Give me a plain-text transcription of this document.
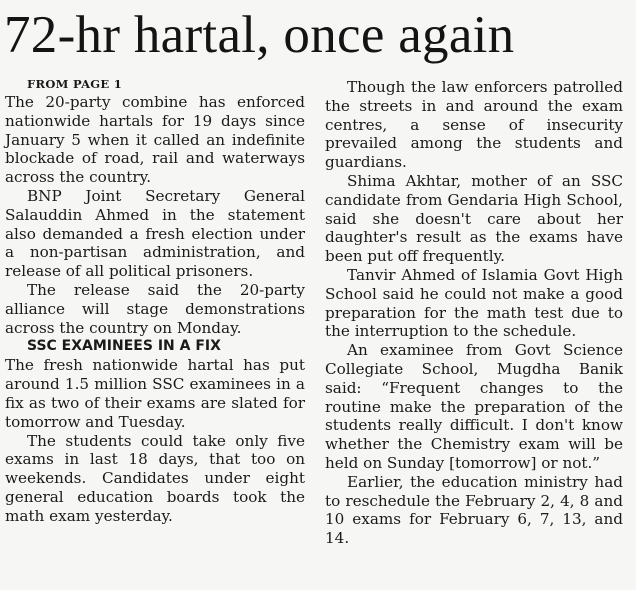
72-hr hartal, once again

FROM PAGE 1

The 20-party combine has enforced nationwide hartals for 19 days since January 5 when it called an indefinite blockade of road, rail and waterways across the country.

BNP Joint Secretary General Salauddin Ahmed in the statement also demanded a fresh election under a non-partisan administration, and release of all political prisoners.

The release said the 20-party alliance will stage demonstrations across the country on Monday.

SSC EXAMINEES IN A FIX

The fresh nationwide hartal has put around 1.5 million SSC examinees in a fix as two of their exams are slated for tomorrow and Tuesday.

The students could take only five exams in last 18 days, that too on weekends. Candidates under eight general education boards took the math exam yesterday.

Though the law enforcers patrolled the streets in and around the exam centres, a sense of insecurity prevailed among the students and guardians.

Shima Akhtar, mother of an SSC candidate from Gendaria High School, said she doesn't care about her daughter's result as the exams have been put off frequently.

Tanvir Ahmed of Islamia Govt High School said he could not make a good preparation for the math test due to the interruption to the schedule.

An examinee from Govt Science Collegiate School, Mugdha Banik said: “Frequent changes to the routine make the preparation of the students really difficult. I don't know whether the Chemistry exam will be held on Sunday [tomorrow] or not.”

Earlier, the education ministry had to reschedule the February 2, 4, 8 and 10 exams for February 6, 7, 13, and 14.
